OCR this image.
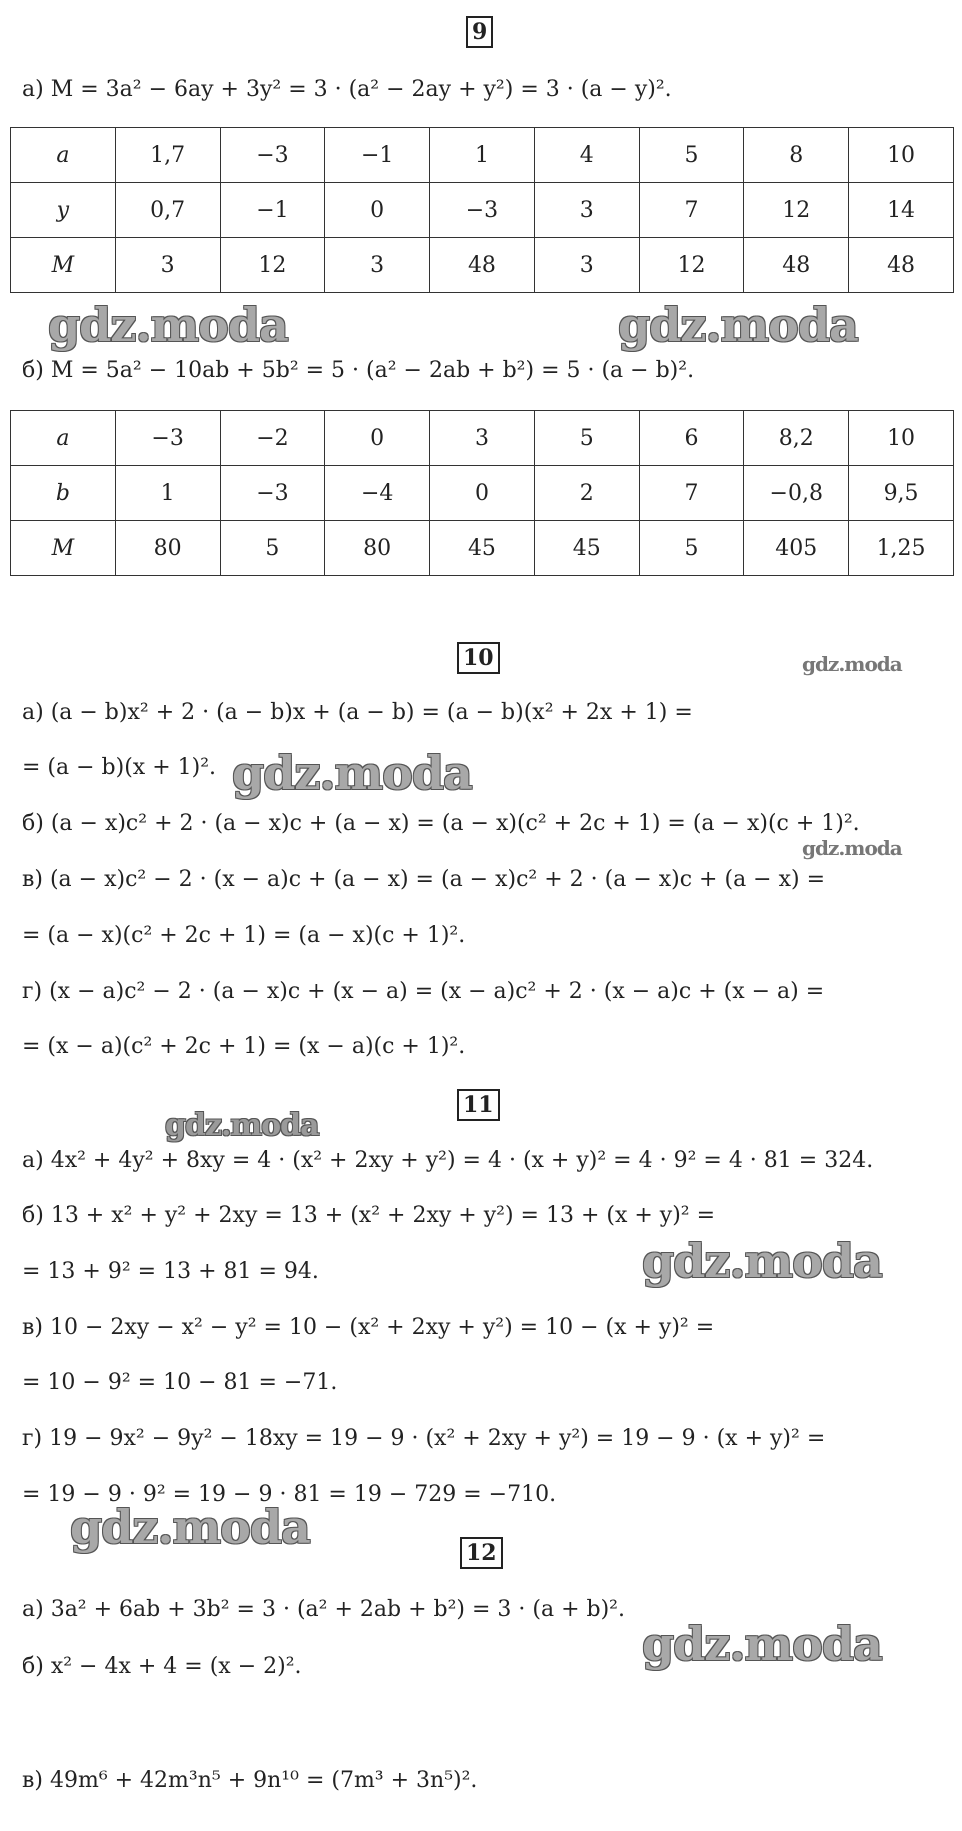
9
а) M = 3a² − 6ay + 3y² = 3 · (a² − 2ay + y²) = 3 · (a − y)².
a	1,7	−3	−1	1	4	5	8	10
y	0,7	−1	0	−3	3	7	12	14
M	3	12	3	48	3	12	48	48
б) M = 5a² − 10ab + 5b² = 5 · (a² − 2ab + b²) = 5 · (a − b)².
a	−3	−2	0	3	5	6	8,2	10
b	1	−3	−4	0	2	7	−0,8	9,5
M	80	5	80	45	45	5	405	1,25
10
а) (a − b)x² + 2 · (a − b)x + (a − b) = (a − b)(x² + 2x + 1) =
= (a − b)(x + 1)².
б) (a − x)c² + 2 · (a − x)c + (a − x) = (a − x)(c² + 2c + 1) = (a − x)(c + 1)².
в) (a − x)c² − 2 · (x − a)c + (a − x) = (a − x)c² + 2 · (a − x)c + (a − x) =
= (a − x)(c² + 2c + 1) = (a − x)(c + 1)².
г) (x − a)c² − 2 · (a − x)c + (x − a) = (x − a)c² + 2 · (x − a)c + (x − a) =
= (x − a)(c² + 2c + 1) = (x − a)(c + 1)².
11
а) 4x² + 4y² + 8xy = 4 · (x² + 2xy + y²) = 4 · (x + y)² = 4 · 9² = 4 · 81 = 324.
б) 13 + x² + y² + 2xy = 13 + (x² + 2xy + y²) = 13 + (x + y)² =
= 13 + 9² = 13 + 81 = 94.
в) 10 − 2xy − x² − y² = 10 − (x² + 2xy + y²) = 10 − (x + y)² =
= 10 − 9² = 10 − 81 = −71.
г) 19 − 9x² − 9y² − 18xy = 19 − 9 · (x² + 2xy + y²) = 19 − 9 · (x + y)² =
= 19 − 9 · 9² = 19 − 9 · 81 = 19 − 729 = −710.
12
а) 3a² + 6ab + 3b² = 3 · (a² + 2ab + b²) = 3 · (a + b)².
б) x² − 4x + 4 = (x − 2)².
в) 49m⁶ + 42m³n⁵ + 9n¹⁰ = (7m³ + 3n⁵)².
gdz.moda	gdz.moda
gdz.moda
gdz.moda
gdz.moda
gdz.moda
gdz.moda
gdz.moda
gdz.moda
